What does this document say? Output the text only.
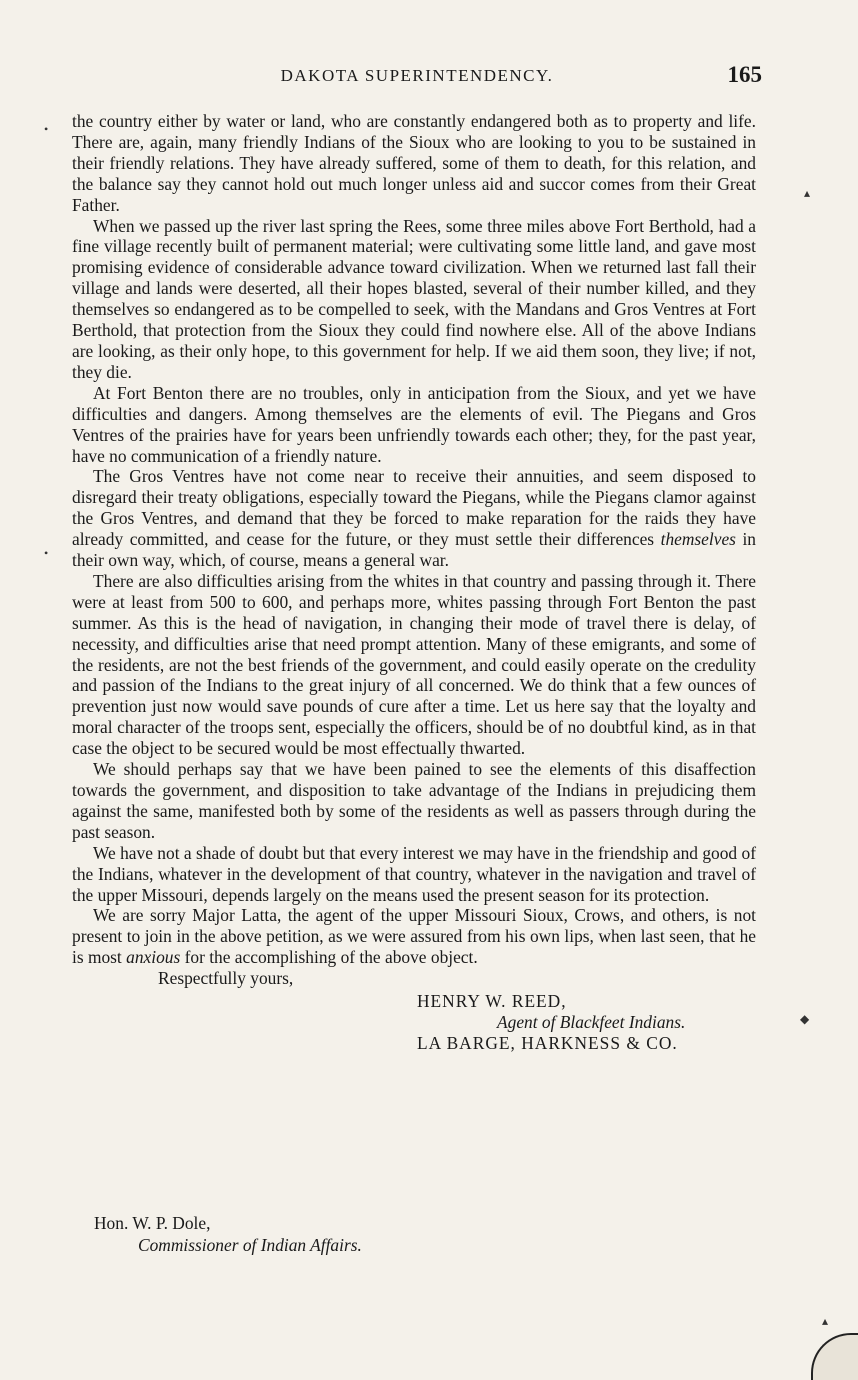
DAKOTA SUPERINTENDENCY.	165

the country either by water or land, who are constantly endangered both as to property and life. There are, again, many friendly Indians of the Sioux who are looking to you to be sustained in their friendly relations. They have already suffered, some of them to death, for this relation, and the balance say they cannot hold out much longer unless aid and succor comes from their Great Father.

When we passed up the river last spring the Rees, some three miles above Fort Berthold, had a fine village recently built of permanent material; were cultivating some little land, and gave most promising evidence of considerable advance toward civilization. When we returned last fall their village and lands were deserted, all their hopes blasted, several of their number killed, and they themselves so endangered as to be compelled to seek, with the Mandans and Gros Ventres at Fort Berthold, that protection from the Sioux they could find nowhere else. All of the above Indians are looking, as their only hope, to this government for help. If we aid them soon, they live; if not, they die.

At Fort Benton there are no troubles, only in anticipation from the Sioux, and yet we have difficulties and dangers. Among themselves are the elements of evil. The Piegans and Gros Ventres of the prairies have for years been unfriendly towards each other; they, for the past year, have no communication of a friendly nature.

The Gros Ventres have not come near to receive their annuities, and seem disposed to disregard their treaty obligations, especially toward the Piegans, while the Piegans clamor against the Gros Ventres, and demand that they be forced to make reparation for the raids they have already committed, and cease for the future, or they must settle their differences themselves in their own way, which, of course, means a general war.

There are also difficulties arising from the whites in that country and passing through it. There were at least from 500 to 600, and perhaps more, whites passing through Fort Benton the past summer. As this is the head of navigation, in changing their mode of travel there is delay, of necessity, and difficulties arise that need prompt attention. Many of these emigrants, and some of the residents, are not the best friends of the government, and could easily operate on the credulity and passion of the Indians to the great injury of all concerned. We do think that a few ounces of prevention just now would save pounds of cure after a time. Let us here say that the loyalty and moral character of the troops sent, especially the officers, should be of no doubtful kind, as in that case the object to be secured would be most effectually thwarted.

We should perhaps say that we have been pained to see the elements of this disaffection towards the government, and disposition to take advantage of the Indians in prejudicing them against the same, manifested both by some of the residents as well as passers through during the past season.

We have not a shade of doubt but that every interest we may have in the friendship and good of the Indians, whatever in the development of that country, whatever in the navigation and travel of the upper Missouri, depends largely on the means used the present season for its protection.

We are sorry Major Latta, the agent of the upper Missouri Sioux, Crows, and others, is not present to join in the above petition, as we were assured from his own lips, when last seen, that he is most anxious for the accomplishing of the above object.

Respectfully yours,

HENRY W. REED,
Agent of Blackfeet Indians.
LA BARGE, HARKNESS & CO.
Hon. W. P. Dole,
Commissioner of Indian Affairs.
•
▴
•
◆
▴
